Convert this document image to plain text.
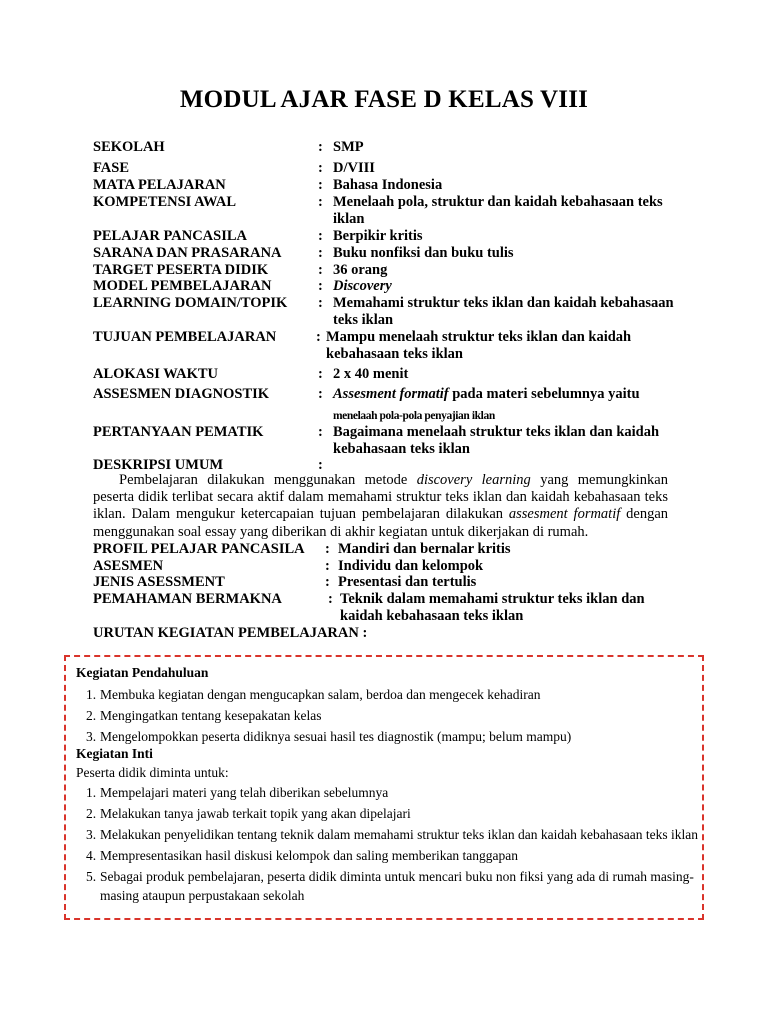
MODUL AJAR FASE D KELAS VIII
SEKOLAH	: SMP
FASE	: D/VIII
MATA PELAJARAN	: Bahasa Indonesia
KOMPETENSI AWAL	: Menelaah pola, struktur dan kaidah kebahasaan teks iklan
PELAJAR PANCASILA	: Berpikir kritis
SARANA DAN PRASARANA	: Buku nonfiksi dan buku tulis
TARGET PESERTA DIDIK	: 36 orang
MODEL PEMBELAJARAN	: Discovery
LEARNING DOMAIN/TOPIK : Memahami struktur teks iklan dan kaidah kebahasaan teks iklan
TUJUAN PEMBELAJARAN	: Mampu menelaah struktur teks iklan dan kaidah kebahasaan teks iklan
ALOKASI WAKTU	: 2 x 40 menit
ASSESMEN DIAGNOSTIK	: Assesment formatif pada materi sebelumnya yaitu
menelaah pola-pola penyajian iklan
PERTANYAAN PEMATIK	: Bagaimana menelaah struktur teks iklan dan kaidah kebahasaan teks iklan
DESKRIPSI UMUM	:

Pembelajaran dilakukan menggunakan metode discovery learning yang memungkinkan peserta didik terlibat secara aktif dalam memahami struktur teks iklan dan kaidah kebahasaan teks iklan. Dalam mengukur ketercapaian tujuan pembelajaran dilakukan assesment formatif dengan menggunakan soal essay yang diberikan di akhir kegiatan untuk dikerjakan di rumah.

PROFIL PELAJAR PANCASILA : Mandiri dan bernalar kritis
ASESMEN	: Individu dan kelompok
JENIS ASESSMENT	: Presentasi dan tertulis
PEMAHAMAN BERMAKNA	: Teknik dalam memahami struktur teks iklan dan kaidah kebahasaan teks iklan
URUTAN KEGIATAN PEMBELAJARAN :
Kegiatan Pendahuluan
1. Membuka kegiatan dengan mengucapkan salam, berdoa dan mengecek kehadiran
2. Mengingatkan tentang kesepakatan kelas
3. Mengelompokkan peserta didiknya sesuai hasil tes diagnostik (mampu; belum mampu)
Kegiatan Inti
Peserta didik diminta untuk:
1. Mempelajari materi yang telah diberikan sebelumnya
2. Melakukan tanya jawab terkait topik yang akan dipelajari
3. Melakukan penyelidikan tentang teknik dalam memahami struktur teks iklan dan kaidah kebahasaan teks iklan
4. Mempresentasikan hasil diskusi kelompok dan saling memberikan tanggapan
5. Sebagai produk pembelajaran, peserta didik diminta untuk mencari buku non fiksi yang ada di rumah masing-masing ataupun perpustakaan sekolah
